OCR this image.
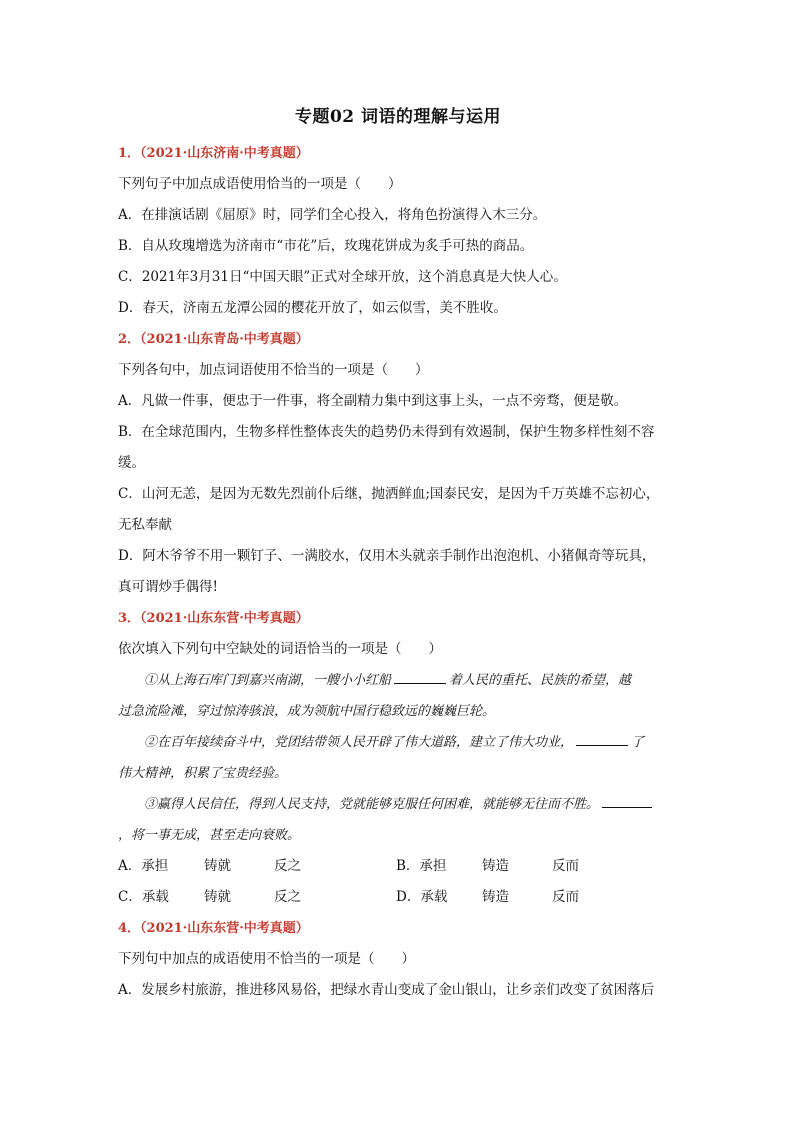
专题02 词语的理解与运用
1．（2021·山东济南·中考真题）
下列句子中加点成语使用恰当的一项是（　　）
A．在排演话剧《屈原》时，同学们全心投入，将角色扮演得入木三分。
B．自从玫瑰增选为济南市“市花”后，玫瑰花饼成为炙手可热的商品。
C．2021年3月31日“中国天眼”正式对全球开放，这个消息真是大快人心。
D．春天，济南五龙潭公园的樱花开放了，如云似雪，美不胜收。
2．（2021·山东青岛·中考真题）
下列各句中，加点词语使用不恰当的一项是（　　）
A．凡做一件事，便忠于一件事，将全副精力集中到这事上头，一点不旁骛，便是敬。
B．在全球范围内，生物多样性整体丧失的趋势仍未得到有效遏制，保护生物多样性刻不容
缓。
C．山河无恙，是因为无数先烈前仆后继，抛洒鲜血;国泰民安，是因为千万英雄不忘初心，
无私奉献
D．阿木爷爷不用一颗钉子、一满胶水，仅用木头就亲手制作出泡泡机、小猪佩奇等玩具，
真可谓炒手偶得!
3．（2021·山东东营·中考真题）
依次填入下列句中空缺处的词语恰当的一项是（　　）
①从上海石库门到嘉兴南湖，一艘小小红船	着人民的重托、民族的希望，越
过急流险滩，穿过惊涛骇浪，成为领航中国行稳致远的巍巍巨轮。
②在百年接续奋斗中，党团结带领人民开辟了伟大道路，建立了伟大功业，	了
伟大精神，积累了宝贵经验。
③赢得人民信任，得到人民支持，党就能够克服任何困难，就能够无往而不胜。
，将一事无成，甚至走向衰败。
A．承担	铸就	反之	B．承担	铸造	反而
C．承载	铸就	反之	D．承载	铸造	反而
4．（2021·山东东营·中考真题）
下列句中加点的成语使用不恰当的一项是（　　）
A．发展乡村旅游，推进移风易俗，把绿水青山变成了金山银山，让乡亲们改变了贫困落后
